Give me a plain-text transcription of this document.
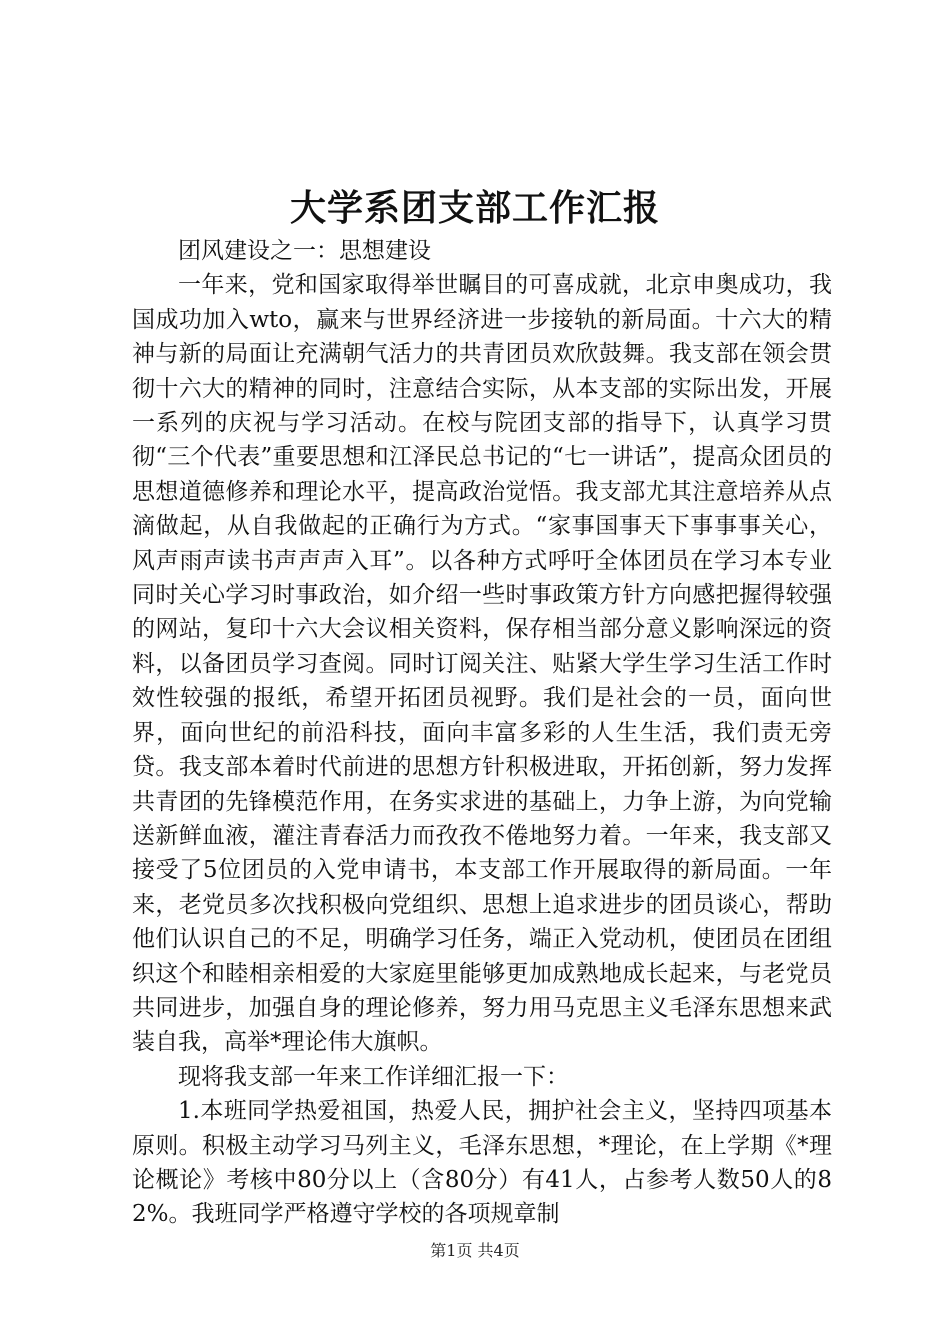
大学系团支部工作汇报

团风建设之一：思想建设

一年来，党和国家取得举世瞩目的可喜成就，北京申奥成功，我国成功加入wto，赢来与世界经济进一步接轨的新局面。十六大的精神与新的局面让充满朝气活力的共青团员欢欣鼓舞。我支部在领会贯彻十六大的精神的同时，注意结合实际，从本支部的实际出发，开展一系列的庆祝与学习活动。在校与院团支部的指导下，认真学习贯彻“三个代表”重要思想和江泽民总书记的“七一讲话”，提高众团员的思想道德修养和理论水平，提高政治觉悟。我支部尤其注意培养从点滴做起，从自我做起的正确行为方式。“家事国事天下事事事关心，风声雨声读书声声声入耳”。以各种方式呼吁全体团员在学习本专业同时关心学习时事政治，如介绍一些时事政策方针方向感把握得较强的网站，复印十六大会议相关资料，保存相当部分意义影响深远的资料，以备团员学习查阅。同时订阅关注、贴紧大学生学习生活工作时效性较强的报纸，希望开拓团员视野。我们是社会的一员，面向世界，面向世纪的前沿科技，面向丰富多彩的人生生活，我们责无旁贷。我支部本着时代前进的思想方针积极进取，开拓创新，努力发挥共青团的先锋模范作用，在务实求进的基础上，力争上游，为向党输送新鲜血液，灌注青春活力而孜孜不倦地努力着。一年来，我支部又接受了5位团员的入党申请书，本支部工作开展取得的新局面。一年来，老党员多次找积极向党组织、思想上追求进步的团员谈心，帮助他们认识自己的不足，明确学习任务，端正入党动机，使团员在团组织这个和睦相亲相爱的大家庭里能够更加成熟地成长起来，与老党员共同进步，加强自身的理论修养，努力用马克思主义毛泽东思想来武装自我，高举*理论伟大旗帜。

现将我支部一年来工作详细汇报一下：

1.本班同学热爱祖国，热爱人民，拥护社会主义，坚持四项基本原则。积极主动学习马列主义，毛泽东思想，*理论，在上学期《*理论概论》考核中80分以上（含80分）有41人，占参考人数50人的82%。我班同学严格遵守学校的各项规章制

第1页 共4页
